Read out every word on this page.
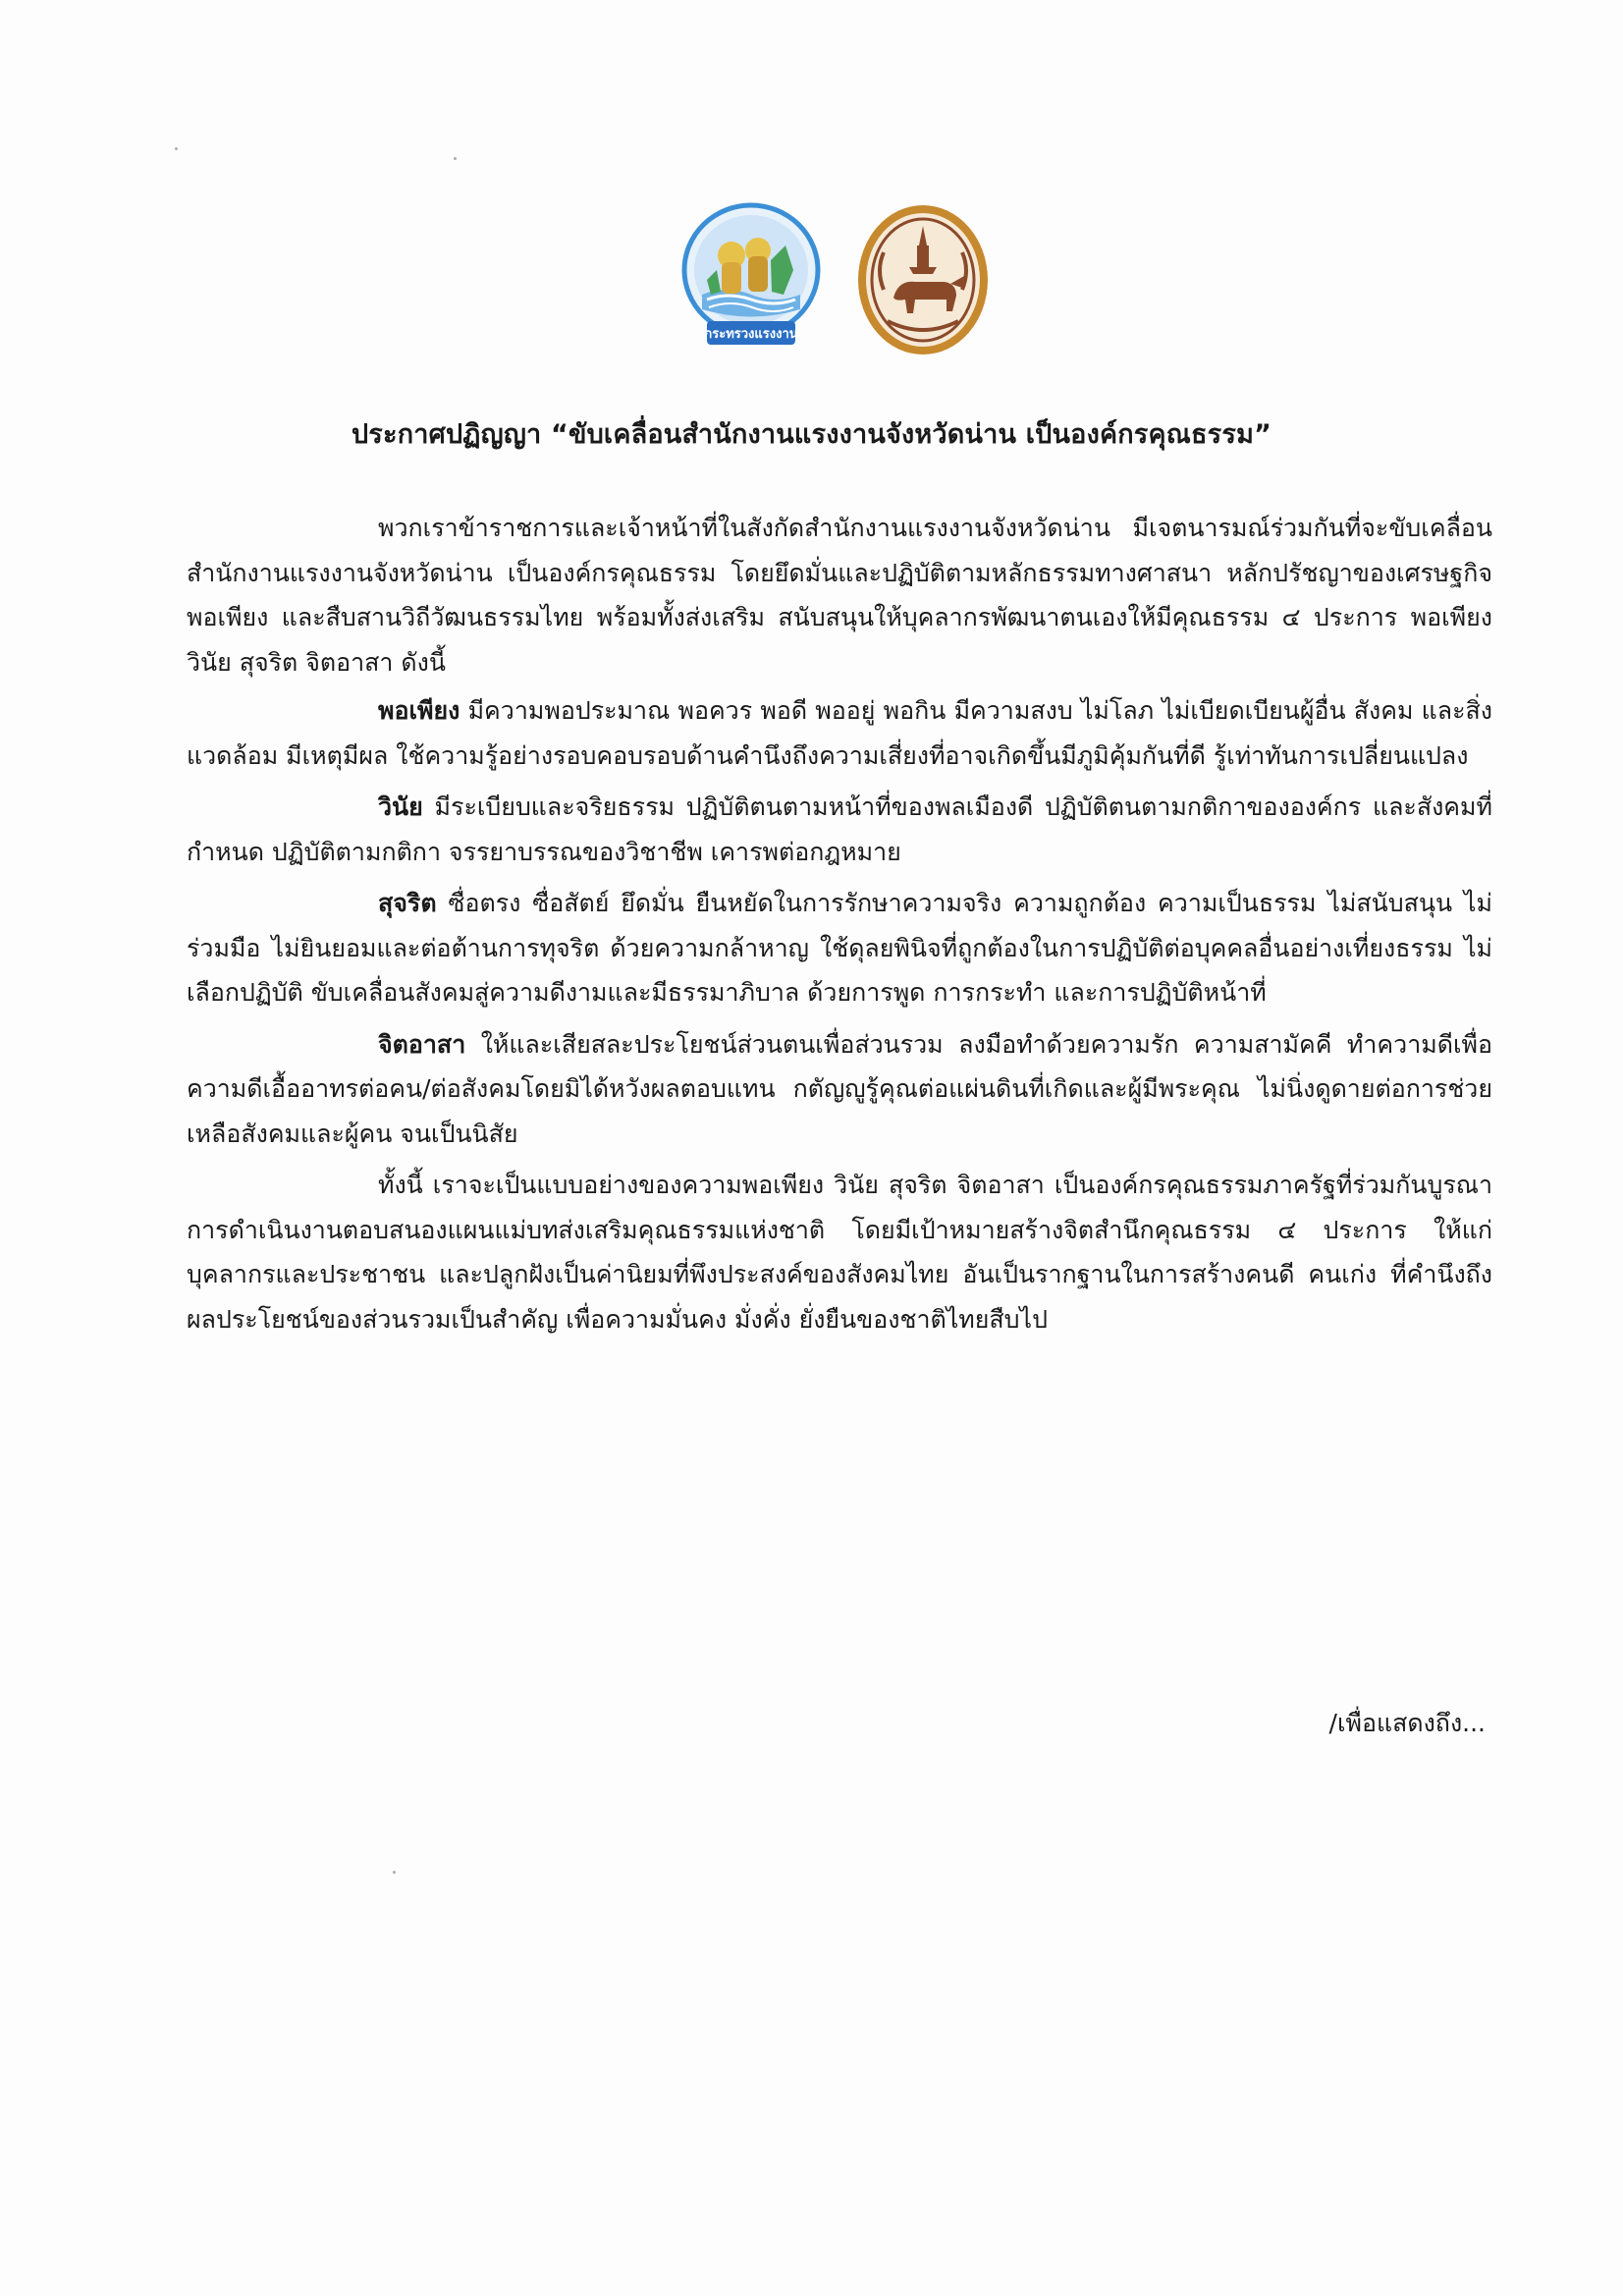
กระทรวงแรงงาน
ประกาศปฏิญญา “ขับเคลื่อนสำนักงานแรงงานจังหวัดน่าน เป็นองค์กรคุณธรรม”

พวกเราข้าราชการและเจ้าหน้าที่ในสังกัดสำนักงานแรงงานจังหวัดน่าน มีเจตนารมณ์ร่วมกันที่จะขับเคลื่อนสำนักงานแรงงานจังหวัดน่าน เป็นองค์กรคุณธรรม โดยยึดมั่นและปฏิบัติตามหลักธรรมทางศาสนา หลักปรัชญาของเศรษฐกิจพอเพียง และสืบสานวิถีวัฒนธรรมไทย พร้อมทั้งส่งเสริม สนับสนุนให้บุคลากรพัฒนาตนเองให้มีคุณธรรม ๔ ประการ พอเพียง วินัย สุจริต จิตอาสา ดังนี้

พอเพียง มีความพอประมาณ พอควร พอดี พออยู่ พอกิน มีความสงบ ไม่โลภ ไม่เบียดเบียนผู้อื่น สังคม และสิ่งแวดล้อม มีเหตุมีผล ใช้ความรู้อย่างรอบคอบรอบด้านคำนึงถึงความเสี่ยงที่อาจเกิดขึ้นมีภูมิคุ้มกันที่ดี รู้เท่าทันการเปลี่ยนแปลง

วินัย มีระเบียบและจริยธรรม ปฏิบัติตนตามหน้าที่ของพลเมืองดี ปฏิบัติตนตามกติกาขององค์กร และสังคมที่กำหนด ปฏิบัติตามกติกา จรรยาบรรณของวิชาชีพ เคารพต่อกฎหมาย

สุจริต ซื่อตรง ซื่อสัตย์ ยึดมั่น ยืนหยัดในการรักษาความจริง ความถูกต้อง ความเป็นธรรม ไม่สนับสนุน ไม่ร่วมมือ ไม่ยินยอมและต่อต้านการทุจริต ด้วยความกล้าหาญ ใช้ดุลยพินิจที่ถูกต้องในการปฏิบัติต่อบุคคลอื่นอย่างเที่ยงธรรม ไม่เลือกปฏิบัติ ขับเคลื่อนสังคมสู่ความดีงามและมีธรรมาภิบาล ด้วยการพูด การกระทำ และการปฏิบัติหน้าที่

จิตอาสา ให้และเสียสละประโยชน์ส่วนตนเพื่อส่วนรวม ลงมือทำด้วยความรัก ความสามัคคี ทำความดีเพื่อความดีเอื้ออาทรต่อคน/ต่อสังคมโดยมิได้หวังผลตอบแทน กตัญญูรู้คุณต่อแผ่นดินที่เกิดและผู้มีพระคุณ ไม่นิ่งดูดายต่อการช่วยเหลือสังคมและผู้คน จนเป็นนิสัย

ทั้งนี้ เราจะเป็นแบบอย่างของความพอเพียง วินัย สุจริต จิตอาสา เป็นองค์กรคุณธรรมภาครัฐที่ร่วมกันบูรณาการดำเนินงานตอบสนองแผนแม่บทส่งเสริมคุณธรรมแห่งชาติ โดยมีเป้าหมายสร้างจิตสำนึกคุณธรรม ๔ ประการ ให้แก่บุคลากรและประชาชน และปลูกฝังเป็นค่านิยมที่พึงประสงค์ของสังคมไทย อันเป็นรากฐานในการสร้างคนดี คนเก่ง ที่คำนึงถึงผลประโยชน์ของส่วนรวมเป็นสำคัญ เพื่อความมั่นคง มั่งคั่ง ยั่งยืนของชาติไทยสืบไป

/เพื่อแสดงถึง...
